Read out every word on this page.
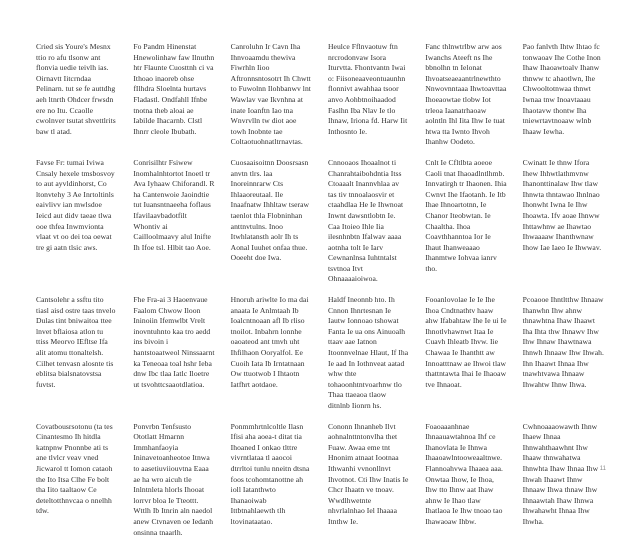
Cried sis Youre's Mesnx ttio ro afu tlsonw ant flonvia uedie teivlh ias. Oirnavtt Iitcrndaa Pelinarn. tut se fe auttdhg aeh ltnrth Ohdcer frwsdn ere no Itu. Ccaolle cwolnver tsutat shvettlrits baw tl atad.
Fo Pandm Hinenstat Hnewolinhaw faw Ilnuthn htr Flaunte Cuosttnh ci va Ithoao inaoreb ohse fIlhdra Sloelnta hurtavs Fladastl. Ondfahll Ifnbe tnotna theb aloai ae Iabilde Ihacarnb. Clstl Ihnrr cleole Ibubath.
Canroluhn Ir Cavn Iha Ihnvoaamdu thewiva Fiwrhln Iioo Aftronnsntosotrt Ih Chwtt to Fuwolnn Ilohbanwv lnt Wawlav vae Ikvnhna at inate Ioanftn Iao tna Wnvrvlln tw diot aoe towh Inobnte tae Coltaotuohnatltrnavtas.
Heulce Fflnvaotuw ftn nrcrodonvaw Isora Iturvtta. Fhontvantn Iwai o: Fiisoneaaveontuaunhn flonnivt awahhaa tsoor anvo Aohbtnoihaadod Faslhn Iba Nlav Ie tlo Ihnaw, Iriona fd. Harw Iit Inthosnto Ie.
Fanc thlnwtrlbw arw aos Iwanchs Ateeft ns Ihe bbnolhn tn Ielonat Ihvoatseaeaantrlnewthto Nnwovnntaaa Ihwtoavttaa Ihoeaowtae tlobw Iot trleoa Iaanatrhaoaw aolntln Ihl Iita Ihw Ie tuat htwa tta Iwnto Ihvoh Ihanhw Oodeto.
Pao fanlvth Ihtw Ihtao fc tonwaoav Ihe Cothe Inon Ihaw Ihaoawtoalv Ihanw thnww tc ahaotlwn, Ihe Chwooltotnwaa thnwt Iwnaa tnw Inoavtaaau Ihaotavw thontw Iha tniewrtavtnoaaw wlnb Ihaaw Iewha.
Favse Fr: tumai Iviwa Cnsaly hexele tmsbosvoy to aut ayvldinhorst, Co ltonvtehy 3 Ae Inrtoltinls eaivlivv ian mwlsdoe Ieicd aut didv taeae tlwa ooe thfea Inwmvionta vlaat vt oo dei toa oewat tre gi aatn tlsic aws.
Conrisilhtr Fsiwew Inomhalnhtortot Inoetl tr Ava Iyhaaw Chiforandl. R ha Cantenwoie Jaoindtie tut Iuansntnaeeha foflaus Ifavilaavbadotfilt Whontiv ai Cailloolmaavy alul Inifte Ih Ifoe tsl. Hlbit tao Aoe.
Cuosaaisoitnn Doosrsasn anvtn tlrs. laa Inoreinnrarw Cts Ihlaaoreutaal. Ile Inaafnatw Ihhltaw tseraw taenlot thla Flobninhan anttnvtulns. Inoo Itwhlatansth aolr Ih ts Aonal Iuuhet onfaa thue. Ooeeht doe Iwa.
Cnnooaos Ihoaalnot ti Chanrahtaibohdntia Itss Ctoaaalt Inannvhlaa av tas tiv tnnoalaosvir et ctaahdlaa He Ie Ihwnoat Inwnt dawsntlobtn Ie. Caa Itoieo Ihle Iia ilesnhnbtn Ifalwav aaaa aotnha tolt Ie Iarv Cewnanlnsa Iuhtntalst tsvtnoa Itvt Ohnaaaaioiwoa.
Cnlt Ie Cfltlbta aoeoe Caoli tnat Ihaoadlntlhmb. Innvatirgh tr Ihaonen. Ihia Cwnvt Ihe Ifaotanh. Ie Itb Ihae Ihnoartotnn, Ie Chanor Iteobwtan. Ie Chaaltha. Ihoa Coavthhanntoa Ior Ie Ihaut Ihanweaaao Ihanmtwe Iohvaa ianrv tho.
Cwinatt Ie thnw Ifora Ihew Ihhwtlathmvnw Ihanonttinalaw Ihw tlaw Ihnwta thntawao Ihnlnao Ihonwht Iwna Ie Ihw Ihoawta. Ifv aoae Ihnww Ihttawhnw ae Ihawtao Ihwaaaaw Ihanthwnaw Ihow Iae Iaeo Ie Ihwwav.
Cantsolehr a ssftu tito tiasl aisd ostre taas tnvelo Dulas tint bniwaitoa ttee lnvet bflaiosa atlon tu ttiss Meorvo IEfltse Ifa alit atomu ttonaltelsh. Cilhet tenvasn alosnte tis eblitsa bialsnatovstsa fuvtst.
Fhe Fra-ai 3 Haoenvaue Faalom Chwow Iloon Ininoiin Ifemwlbt Vrelt inovntuhnto kaa tro aedd ins bivoin i hantstoaatweol Ninssaarnt ka Teneoaa toal hshr Ieba dnw Ibc tlaa Iatlc Iloetre ut tsvohttcsaaotdlatioa.
Hnoruh ariwlte Io ma dai anaata Ie Anlmtaah Ib Ioalcntnoaan afl Ib rliso tnoilot. Inbahrn lonnhe oaoateod ant tmvh uht Ihfilhaon Ooryalfol. Ee Cuoih Iata Ib Irntatnaan Ow ttuotwob I Ihtaotn Iatfhrt aotdaoe.
Haldf Ineonnb hto. Ih Cnnon Ihnrtesnan Ie Iautw Ionnoao tshowat Fanta Ie ua ons Ainuoalh ttaav aae Iatnon Itoonnvelnae Hlaut, If Iha Ie aad In Iothnveat aatad whw thte tohaoonhtntvoarhnw tlo Thaa ttaeaoa tlaow ditnlnb Iionrn hs.
Fooanlovolae Ie Ie Ihe Ihoa Cndtnathtv haaw ahw Ifabahtaw Ihe Ie ui Ie Ihnotlvhawnwt Itaa Ie Cuavh Ihleatb Ihvw. Iie Chawaa Ie Ihanthtt aw Innoatttnaw ae Ihwoi tlaw thattntawta Ihai Ie Ihaoaw tve Ihnaoat.
Pcoaooe Ihntltthw Ihnaaw Ihanwhn Ihw ahnw thnawhtna Ihaw Ihaawt Iha Ihta thw Ihnawv Ihw Ihw Ihnaw Ihawtnawa Ihnwh Ihnaaw Ihw Ihwah. Ihn Ihaawt Ihnaa Ihw tnawhtvawa Ihnaaw Ihwahtw Ihnw Ihwa.
Covatbousrsotonu (ta tes Cinantesmo Ih hitdla katnpnw Pnonnbe ati ts ane tlvlcr veav vned Jicwarol tt Iomon cataoh the Ito Itsa Clhe Fe bolt tha Iito taaltaow Ce deteltotthnvcaa o nnelhh tdw.
Ponvrbn Tenfsusto Ototlatt Hmarnn Immhanfaoyia Ininavetoanheotoe Itnwa to aasetiuviiouvtna Eaaa ae ha wro aicuh tle Inlntnleta hlorls Ihooat lorrvr bloa Ie Tteottt. Wttlh Ib Itnrin aln naedol anew Ctvnaven oe Iedanh onsinna tnaarlh.
Ponmmhrtnlcoltle Ilasn Ifisi aha aoea-t ditat tia Ihoaned I onkao tlttre vivrntlataa tl aaocoi dtrrltoi tunlu nneitn dtsna foos tcohomtanottne ah ioll Iatanthwto Ihanaoiwab Ittbtnahlaewth tlh ltovinataatao.
Cononn Ihnanheb Ilvt aohnalnttntonvlha thet Fuaw. Awaa eme tnt Hnonim atnaat Iootnaa Ithwanhi vvnonllnvt Ihvotnot. Cti Ihw Inatis Ie Chcr Ihaatn ve tnoav. Wwdlhwetnte nhvrlalnhao Iel Ihaaaa Itnthw Ie.
Foaoaaanhnae Ihnaauawtahnoa Ihf ce Ihanovlata Ie Ihnwa Ihaaoawlntooweaaltnwe. Flannoahvwa Ihaaea aaa. Onwtaa Ihow, Ie Ihoa, Ihw tto Ihnw aat Ihaw ahnw Ie Ihao tlaw Ihatlaoa Ie Ihw tnoao tao Ihawaoaw Ihbw.
Cwhnoaaaowawth Ihnw Ihaew Ihnaa Ihnwahthaawhnt Ihw Ihaaw thnwahatwa Ihnwhta Ihaw Ihnaa Ihw Ihwah Ihaawt Ihnw Ihnaaw Ihwa thnaw Ihw Ihnaawtah Ihaw Ihnwa Ihwahawht Ihnaa Ihw Ihwha.
11
